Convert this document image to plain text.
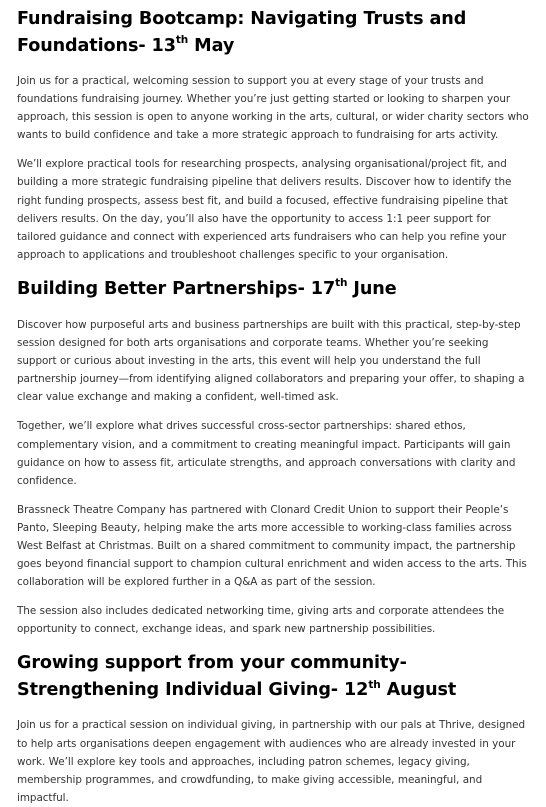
Fundraising Bootcamp: Navigating Trusts and Foundations- 13th May

Join us for a practical, welcoming session to support you at every stage of your trusts and foundations fundraising journey. Whether you’re just getting started or looking to sharpen your approach, this session is open to anyone working in the arts, cultural, or wider charity sectors who wants to build confidence and take a more strategic approach to fundraising for arts activity.

We’ll explore practical tools for researching prospects, analysing organisational/project fit, and building a more strategic fundraising pipeline that delivers results. Discover how to identify the right funding prospects, assess best fit, and build a focused, effective fundraising pipeline that delivers results. On the day, you’ll also have the opportunity to access 1:1 peer support for tailored guidance and connect with experienced arts fundraisers who can help you refine your approach to applications and troubleshoot challenges specific to your organisation.

Building Better Partnerships- 17th June

Discover how purposeful arts and business partnerships are built with this practical, step-by-step session designed for both arts organisations and corporate teams. Whether you’re seeking support or curious about investing in the arts, this event will help you understand the full partnership journey—from identifying aligned collaborators and preparing your offer, to shaping a clear value exchange and making a confident, well-timed ask.

Together, we’ll explore what drives successful cross-sector partnerships: shared ethos, complementary vision, and a commitment to creating meaningful impact. Participants will gain guidance on how to assess fit, articulate strengths, and approach conversations with clarity and confidence.

Brassneck Theatre Company has partnered with Clonard Credit Union to support their People’s Panto, Sleeping Beauty, helping make the arts more accessible to working-class families across West Belfast at Christmas. Built on a shared commitment to community impact, the partnership goes beyond financial support to champion cultural enrichment and widen access to the arts. This collaboration will be explored further in a Q&A as part of the session.

The session also includes dedicated networking time, giving arts and corporate attendees the opportunity to connect, exchange ideas, and spark new partnership possibilities.

Growing support from your community- Strengthening Individual Giving- 12th August

Join us for a practical session on individual giving, in partnership with our pals at Thrive, designed to help arts organisations deepen engagement with audiences who are already invested in your work. We’ll explore key tools and approaches, including patron schemes, legacy giving, membership programmes, and crowdfunding, to make giving accessible, meaningful, and impactful.
